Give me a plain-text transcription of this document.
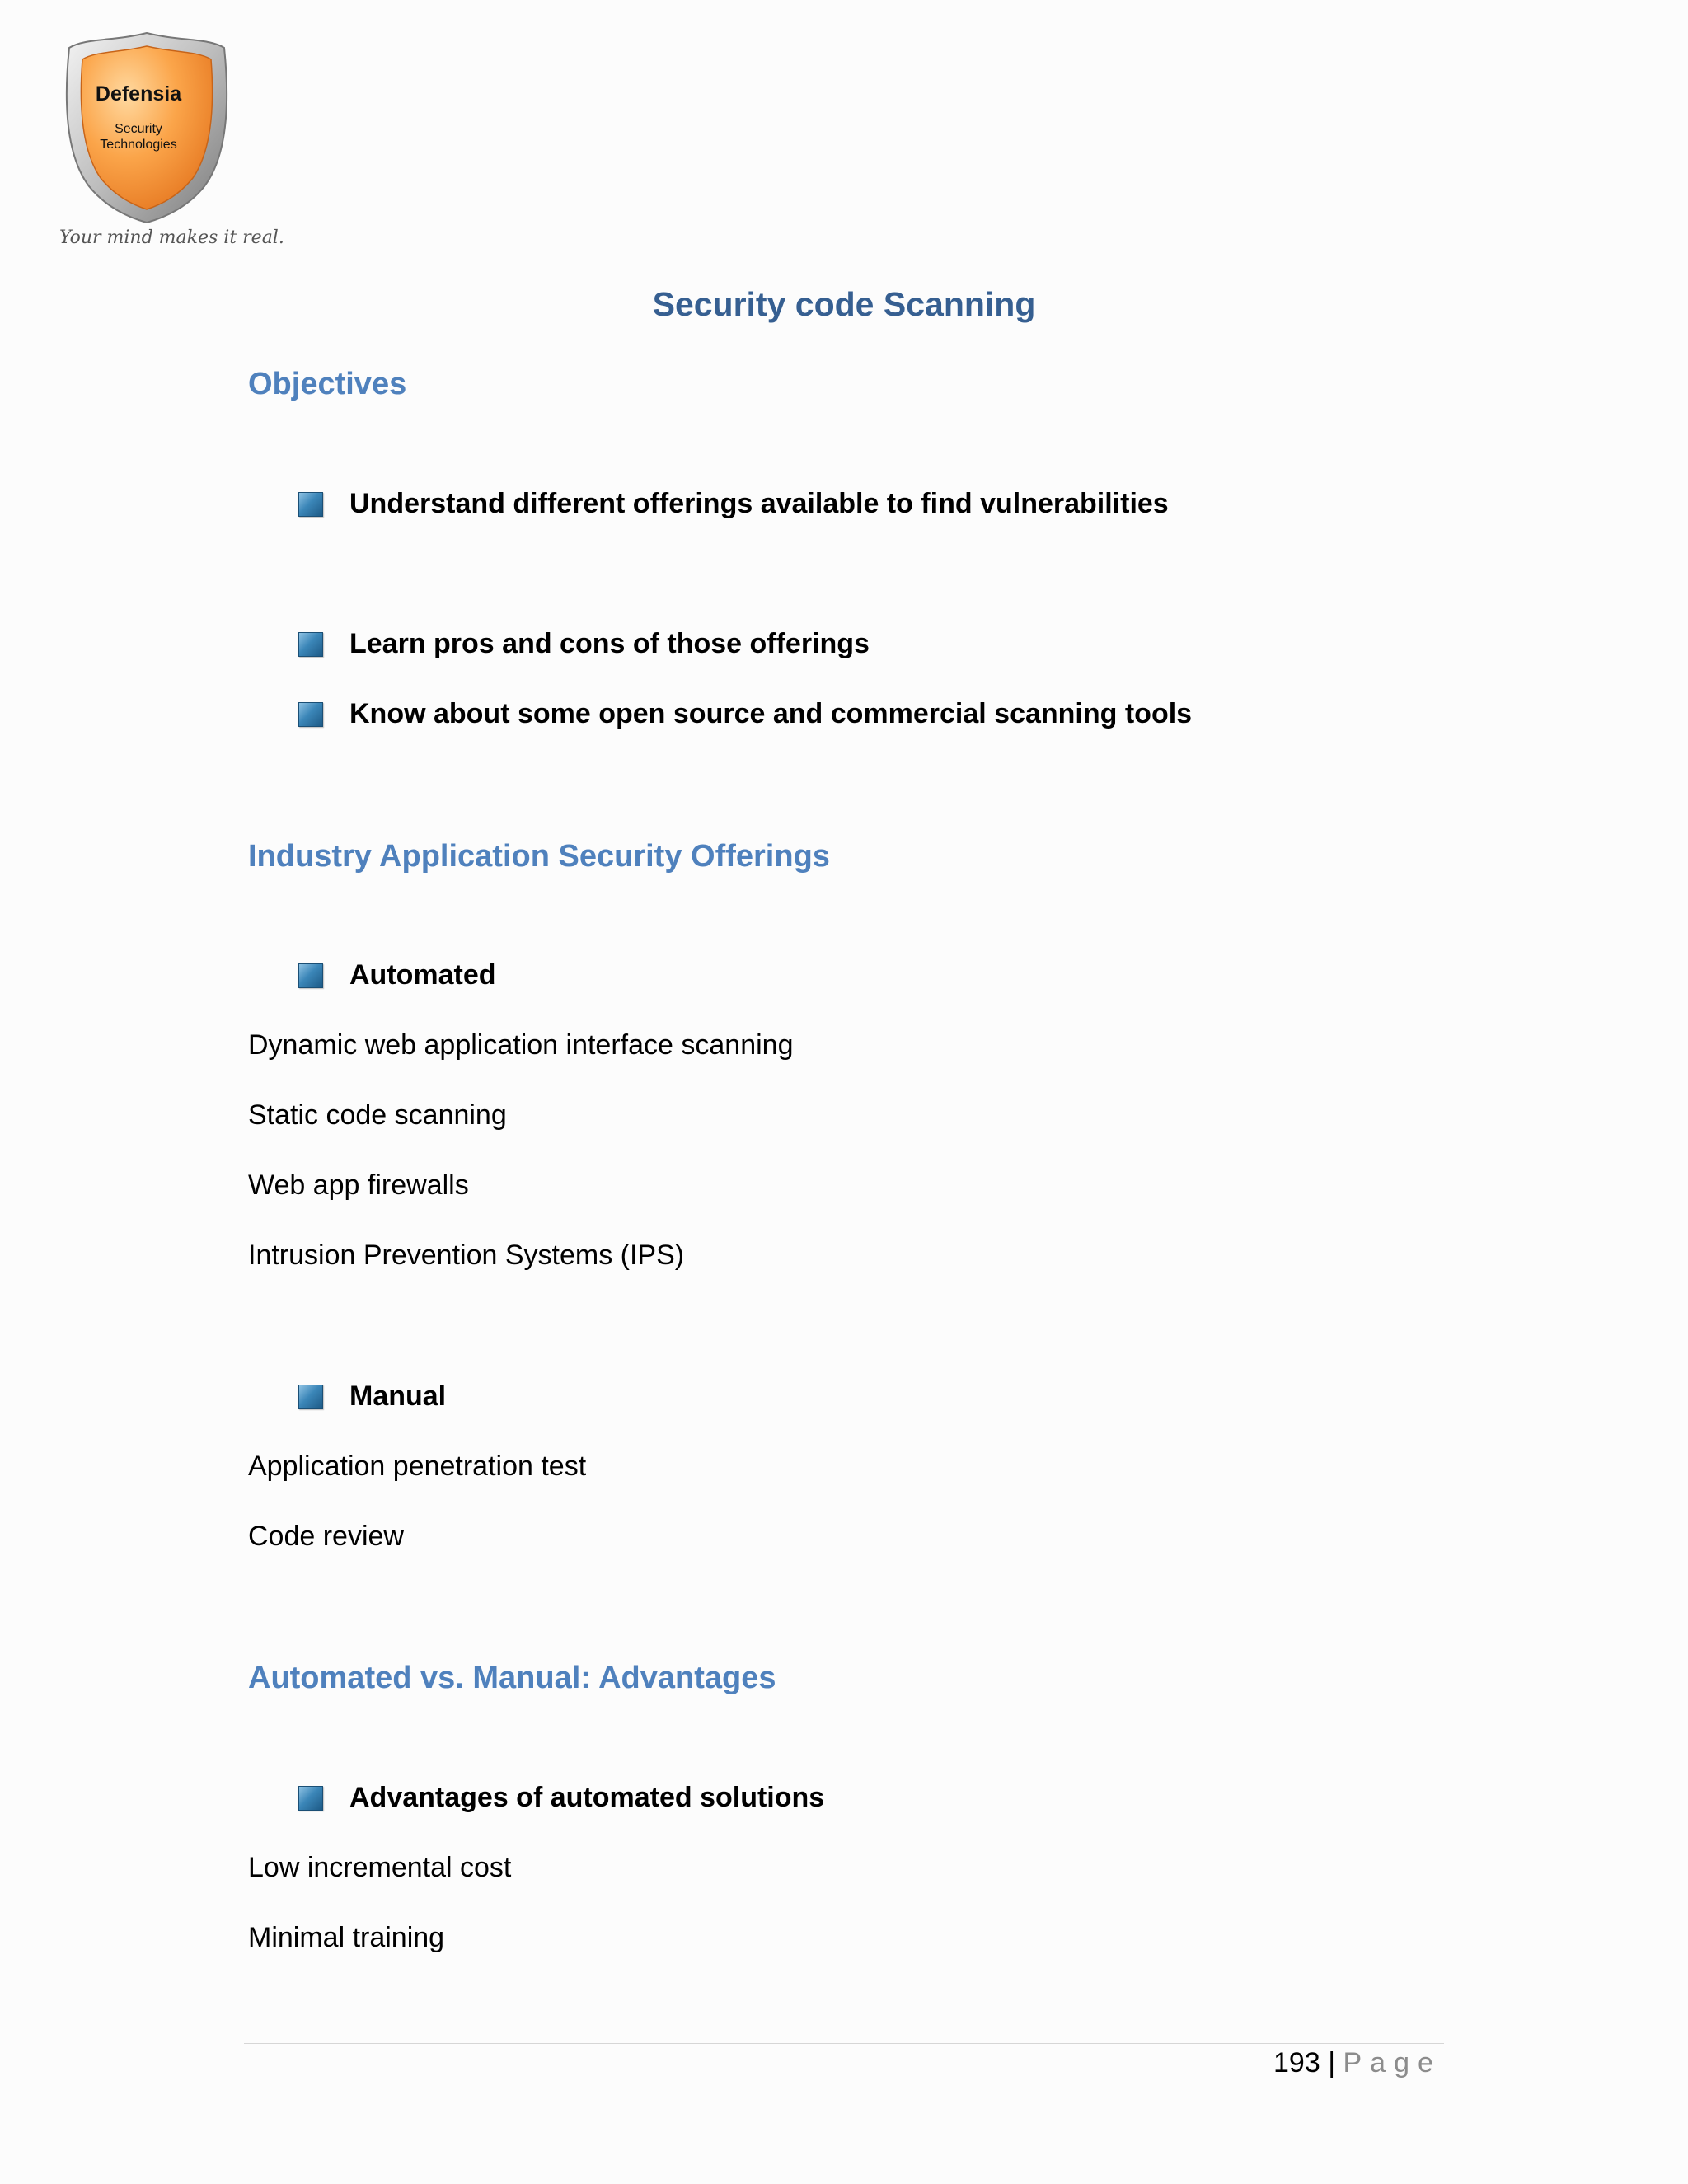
Defensia
Security
Technologies
Your mind makes it real.
Security code Scanning
Objectives
Understand different offerings available to find vulnerabilities
Learn pros and cons of those offerings
Know about some open source and commercial scanning tools
Industry Application Security Offerings
Automated
Dynamic web application interface scanning
Static code scanning
Web app firewalls
Intrusion Prevention Systems (IPS)
Manual
Application penetration test
Code review
Automated vs. Manual: Advantages
Advantages of automated solutions
Low incremental cost
Minimal training
193 | Page
